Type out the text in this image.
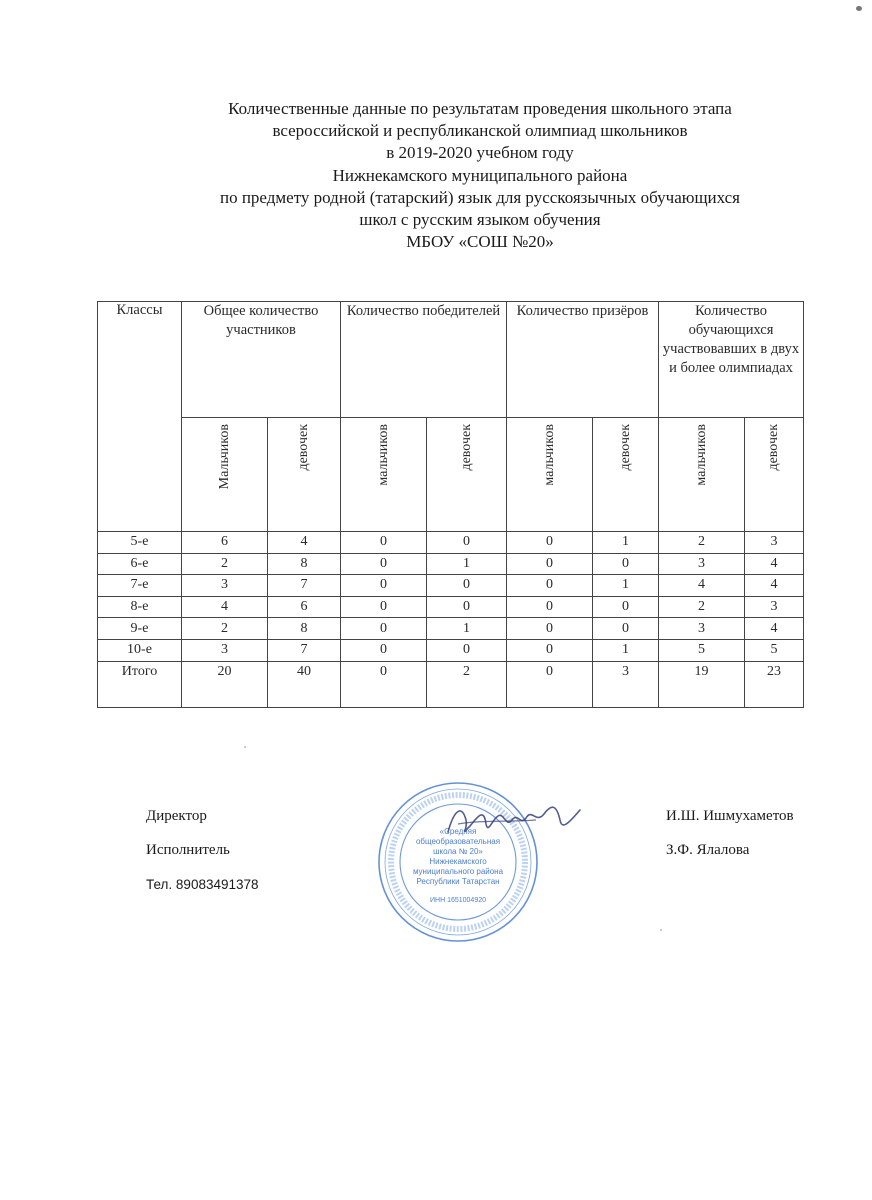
Количественные данные по результатам проведения школьного этапа
всероссийской и республиканской олимпиад школьников
в 2019-2020 учебном году
Нижнекамского муниципального района
по предмету родной (татарский) язык для русскоязычных обучающихся
школ с русским языком обучения
МБОУ «СОШ №20»
Классы	Общее количество участников		Количество победителей		Количество призёров		Количество обучающихся участвовавших в двух и более олимпиадах	

	Мальчиков	девочек	мальчиков	девочек	мальчиков	девочек	мальчиков	девочек

5-е	6	4	0	0	0	1	2	3
6-е	2	8	0	1	0	0	3	4
7-е	3	7	0	0	0	1	4	4
8-е	4	6	0	0	0	0	2	3
9-е	2	8	0	1	0	0	3	4
10-е	3	7	0	0	0	1	5	5
Итого	20	40	0	2	0	3	19	23
Директор
Исполнитель
Тел. 89083491378
И.Ш. Ишмухаметов
З.Ф. Ялалова
«Средняя
общеобразовательная
школа № 20»
Нижнекамского
муниципального района
Республики Татарстан
ИНН 1651004920
